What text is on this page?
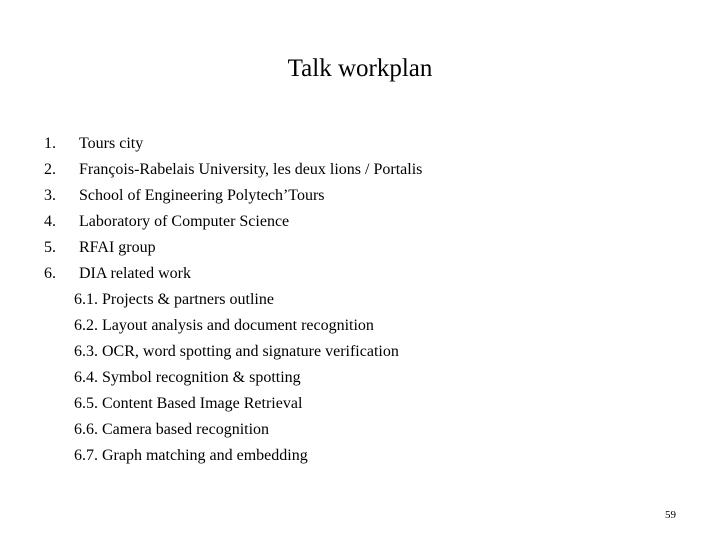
Talk workplan
1. Tours city
2. François-Rabelais University, les deux lions / Portalis
3. School of Engineering Polytech’Tours
4. Laboratory of Computer Science
5. RFAI group
6. DIA related work
6.1. Projects & partners outline
6.2. Layout analysis and document recognition
6.3. OCR, word spotting and signature verification
6.4. Symbol recognition & spotting
6.5. Content Based Image Retrieval
6.6. Camera based recognition
6.7. Graph matching and embedding
59
